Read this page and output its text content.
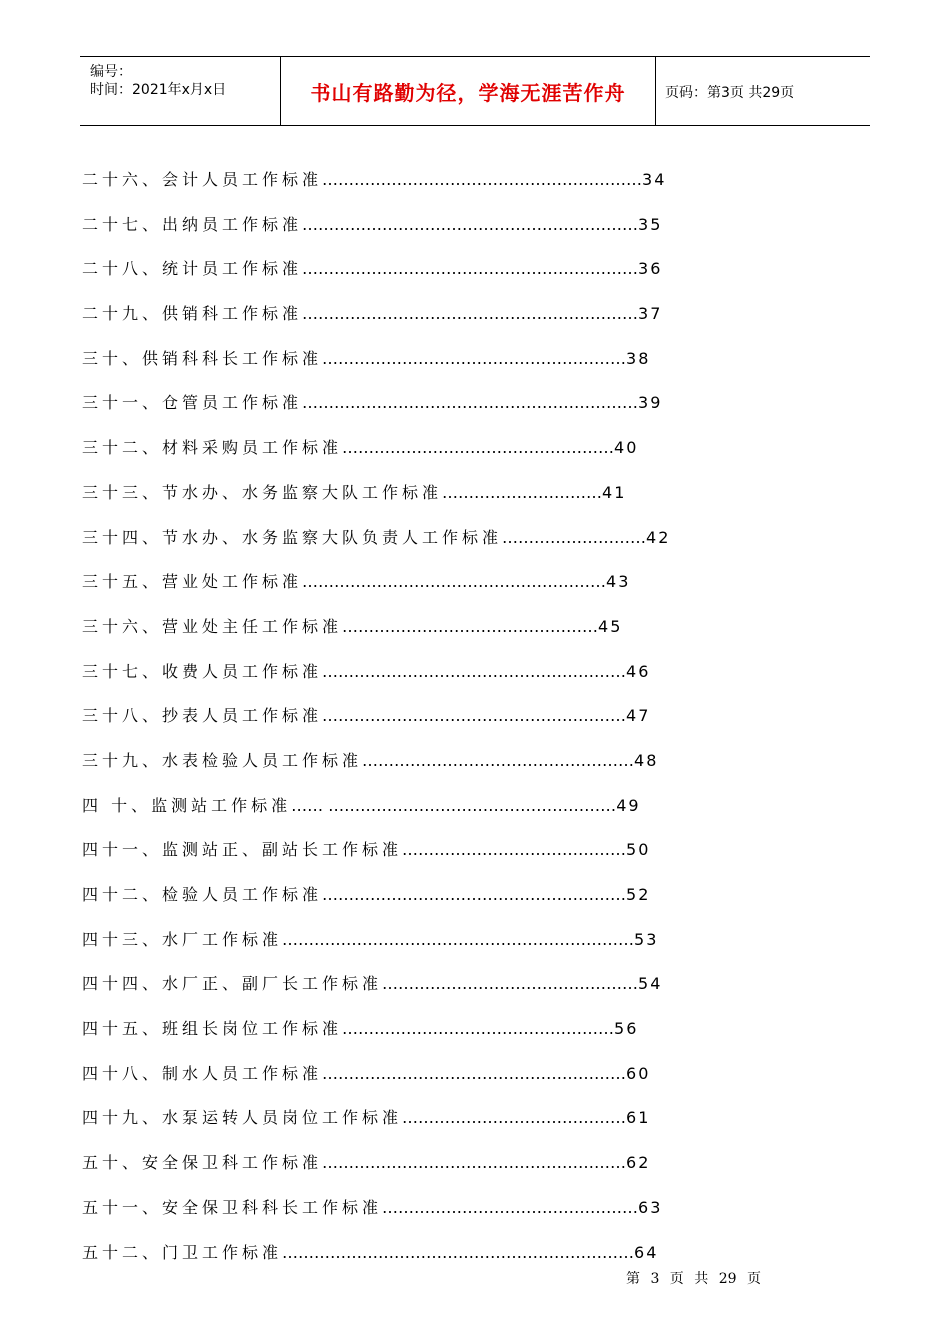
编号：
时间：2021年x月x日	书山有路勤为径，学海无涯苦作舟	页码：第3页 共29页
二十六、会计人员工作标准 …………………………………………………… 34
二十七、出纳员工作标准 ……………………………………………………… 35
二十八、统计员工作标准 ……………………………………………………… 36
二十九、供销科工作标准 ……………………………………………………… 37
三十、供销科科长工作标准 ………………………………………………… 38
三十一、仓管员工作标准 ……………………………………………………… 39
三十二、材料采购员工作标准 …………………………………………… 40
三十三、节水办、水务监察大队工作标准 ………………………… 41
三十四、节水办、水务监察大队负责人工作标准 ……………………… 42
三十五、营业处工作标准 ………………………………………………… 43
三十六、营业处主任工作标准 ………………………………………… 45
三十七、收费人员工作标准 ………………………………………………… 46
三十八、抄表人员工作标准 ………………………………………………… 47
三十九、水表检验人员工作标准 …………………………………………… 48
四 十、监测站工作标准 …… ……………………………………………… 49
四十一、监测站正、副站长工作标准 …………………………………… 50
四十二、检验人员工作标准 ………………………………………………… 52
四十三、水厂工作标准 ………………………………………………………… 53
四十四、水厂正、副厂长工作标准 ………………………………………… 54
四十五、班组长岗位工作标准 …………………………………………… 56
四十八、制水人员工作标准 ………………………………………………… 60
四十九、水泵运转人员岗位工作标准 …………………………………… 61
五十、安全保卫科工作标准 ………………………………………………… 62
五十一、安全保卫科科长工作标准 ………………………………………… 63
五十二、门卫工作标准 ………………………………………………………… 64
第 3 页 共 29 页
